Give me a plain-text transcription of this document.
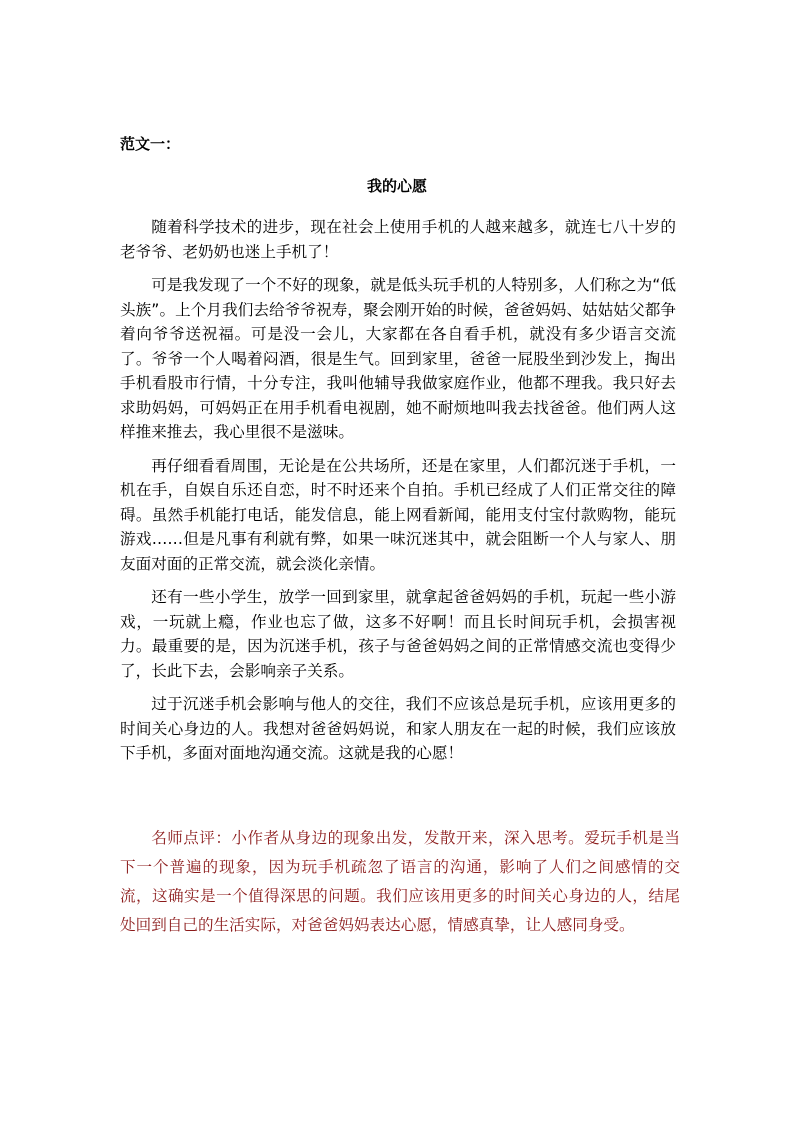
范文一：

我的心愿

随着科学技术的进步，现在社会上使用手机的人越来越多，就连七八十岁的老爷爷、老奶奶也迷上手机了！

可是我发现了一个不好的现象，就是低头玩手机的人特别多，人们称之为“低头族”。上个月我们去给爷爷祝寿，聚会刚开始的时候，爸爸妈妈、姑姑姑父都争着向爷爷送祝福。可是没一会儿，大家都在各自看手机，就没有多少语言交流了。爷爷一个人喝着闷酒，很是生气。回到家里，爸爸一屁股坐到沙发上，掏出手机看股市行情，十分专注，我叫他辅导我做家庭作业，他都不理我。我只好去求助妈妈，可妈妈正在用手机看电视剧，她不耐烦地叫我去找爸爸。他们两人这样推来推去，我心里很不是滋味。

再仔细看看周围，无论是在公共场所，还是在家里，人们都沉迷于手机，一机在手，自娱自乐还自恋，时不时还来个自拍。手机已经成了人们正常交往的障碍。虽然手机能打电话，能发信息，能上网看新闻，能用支付宝付款购物，能玩游戏……但是凡事有利就有弊，如果一味沉迷其中，就会阻断一个人与家人、朋友面对面的正常交流，就会淡化亲情。

还有一些小学生，放学一回到家里，就拿起爸爸妈妈的手机，玩起一些小游戏，一玩就上瘾，作业也忘了做，这多不好啊！而且长时间玩手机，会损害视力。最重要的是，因为沉迷手机，孩子与爸爸妈妈之间的正常情感交流也变得少了，长此下去，会影响亲子关系。

过于沉迷手机会影响与他人的交往，我们不应该总是玩手机，应该用更多的时间关心身边的人。我想对爸爸妈妈说，和家人朋友在一起的时候，我们应该放下手机，多面对面地沟通交流。这就是我的心愿！

名师点评：小作者从身边的现象出发，发散开来，深入思考。爱玩手机是当下一个普遍的现象，因为玩手机疏忽了语言的沟通，影响了人们之间感情的交流，这确实是一个值得深思的问题。我们应该用更多的时间关心身边的人，结尾处回到自己的生活实际，对爸爸妈妈表达心愿，情感真挚，让人感同身受。
